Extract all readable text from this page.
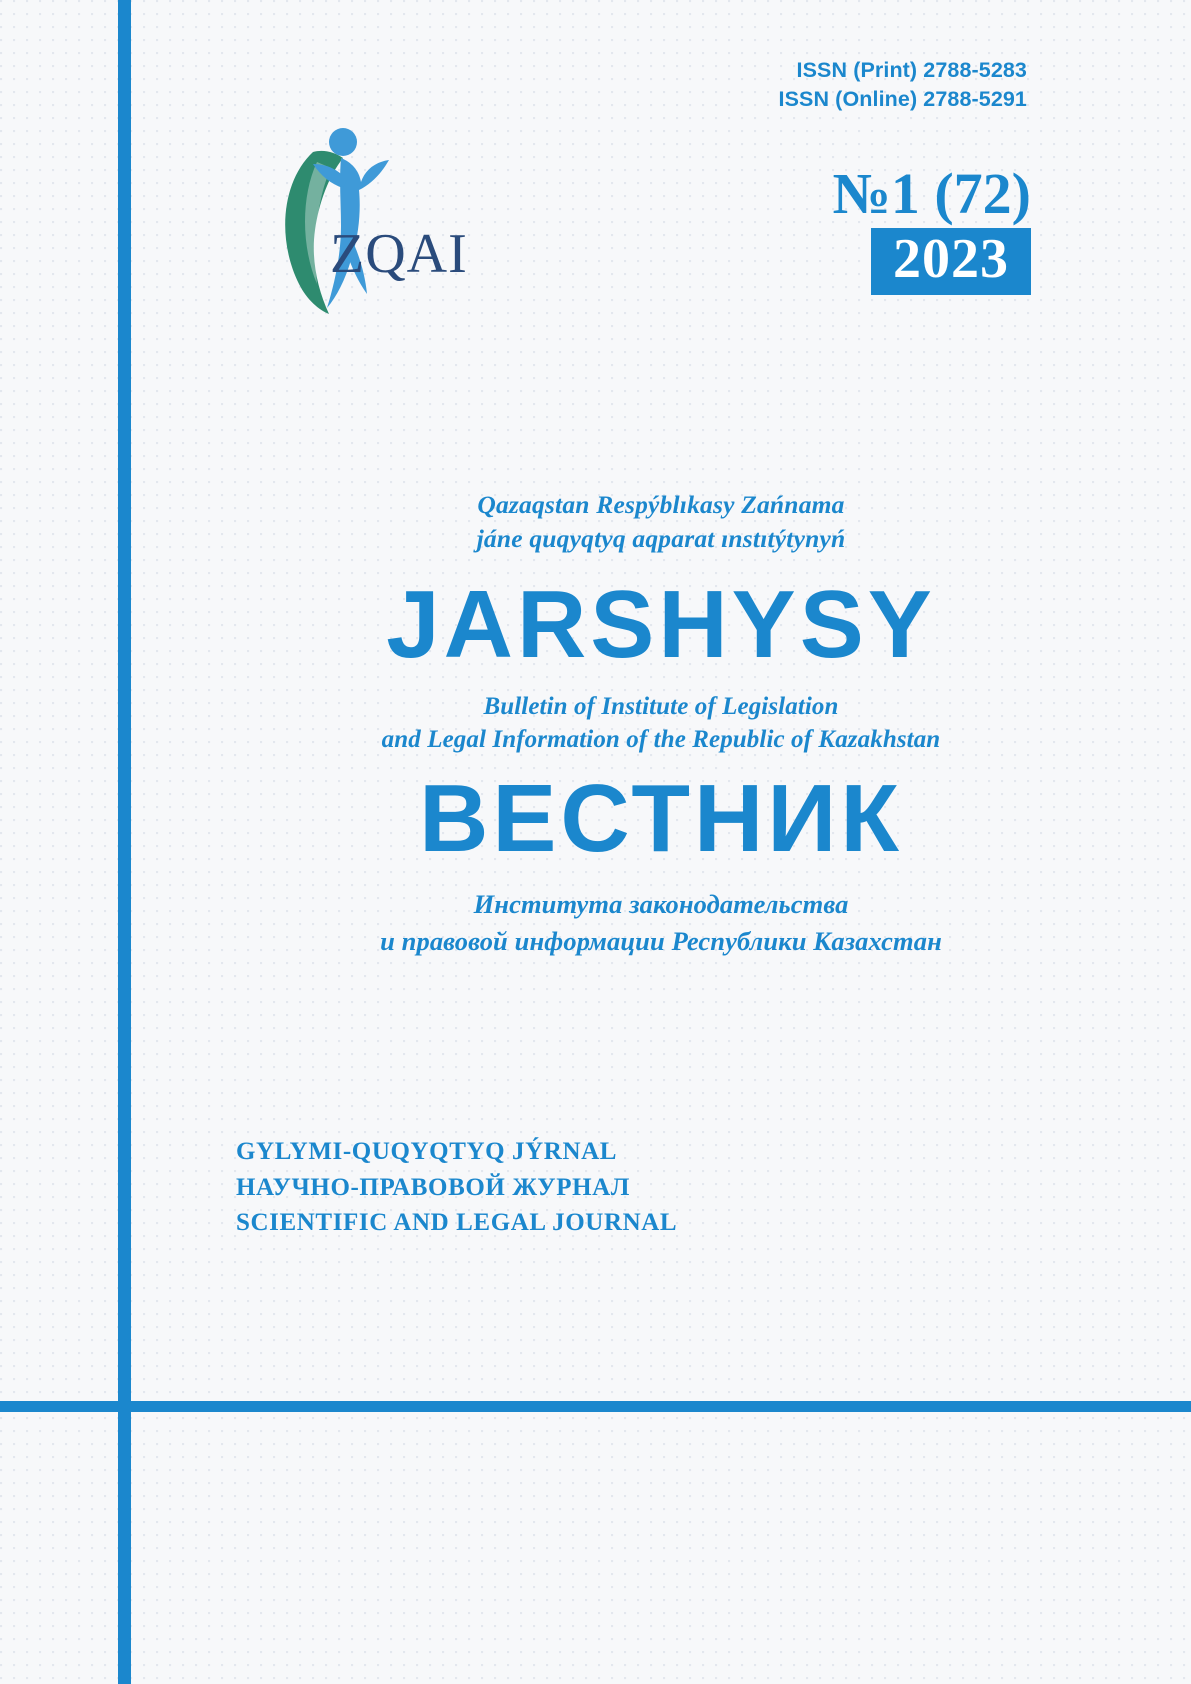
ISSN (Print) 2788-5283
ISSN (Online) 2788-5291
ZQAI
№1 (72)
2023
Qazaqstan Respýblıkasy Zańnama
jáne quqyqtyq aqparat ınstıtýtynyń
JARSHYSY
Bulletin of Institute of Legislation
and Legal Information of the Republic of Kazakhstan
ВЕСТНИК
Института законодательства
и правовой информации Республики Казахстан
GYLYMI-QUQYQTYQ JÝRNAL
НАУЧНО-ПРАВОВОЙ ЖУРНАЛ
SCIENTIFIC AND LEGAL JOURNAL
